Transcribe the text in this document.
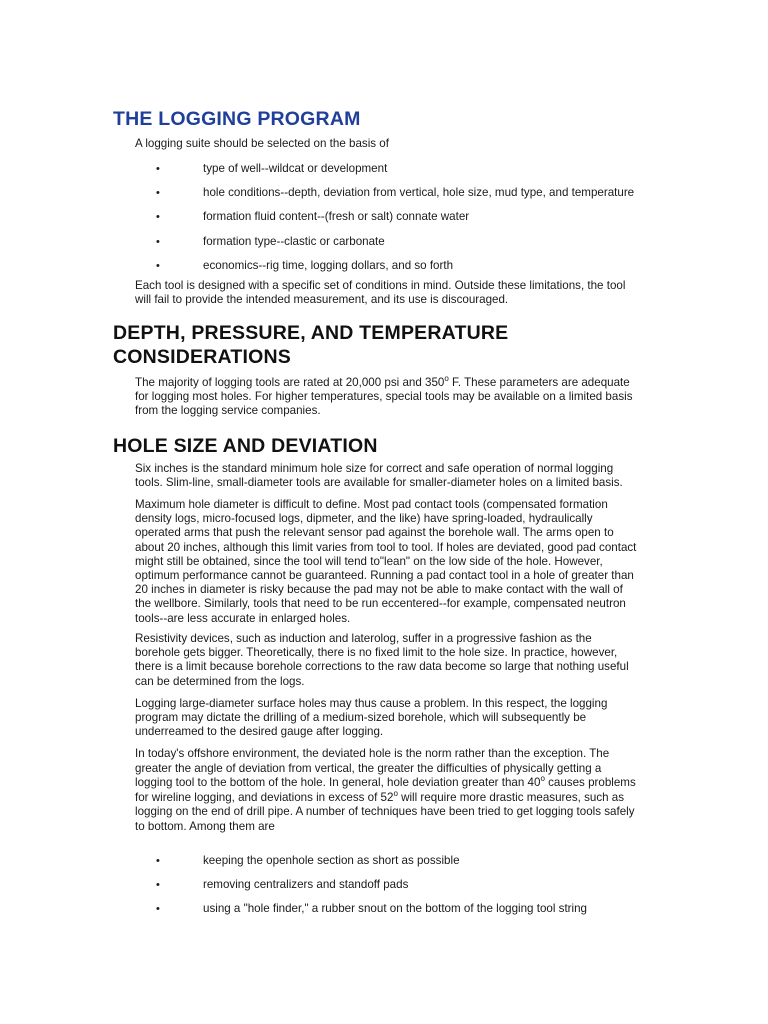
THE LOGGING PROGRAM

A logging suite should be selected on the basis of

•	type of well--wildcat or development
•	hole conditions--depth, deviation from vertical, hole size, mud type, and temperature
•	formation fluid content--(fresh or salt) connate water
•	formation type--clastic or carbonate
•	economics--rig time, logging dollars, and so forth

Each tool is designed with a specific set of conditions in mind. Outside these limitations, the tool
will fail to provide the intended measurement, and its use is discouraged.

DEPTH, PRESSURE, AND TEMPERATURE
CONSIDERATIONS

The majority of logging tools are rated at 20,000 psi and 350$^o$ F. These parameters are adequate
for logging most holes. For higher temperatures, special tools may be available on a limited basis
from the logging service companies.

HOLE SIZE AND DEVIATION

Six inches is the standard minimum hole size for correct and safe operation of normal logging
tools. Slim-line, small-diameter tools are available for smaller-diameter holes on a limited basis.

Maximum hole diameter is difficult to define. Most pad contact tools (compensated formation
density logs, micro-focused logs, dipmeter, and the like) have spring-loaded, hydraulically
operated arms that push the relevant sensor pad against the borehole wall. The arms open to
about 20 inches, although this limit varies from tool to tool. If holes are deviated, good pad contact
might still be obtained, since the tool will tend to"lean" on the low side of the hole. However,
optimum performance cannot be guaranteed. Running a pad contact tool in a hole of greater than
20 inches in diameter is risky because the pad may not be able to make contact with the wall of
the wellbore. Similarly, tools that need to be run eccentered--for example, compensated neutron
tools--are less accurate in enlarged holes.

Resistivity devices, such as induction and laterolog, suffer in a progressive fashion as the
borehole gets bigger. Theoretically, there is no fixed limit to the hole size. In practice, however,
there is a limit because borehole corrections to the raw data become so large that nothing useful
can be determined from the logs.

Logging large-diameter surface holes may thus cause a problem. In this respect, the logging
program may dictate the drilling of a medium-sized borehole, which will subsequently be
underreamed to the desired gauge after logging.

In today's offshore environment, the deviated hole is the norm rather than the exception. The
greater the angle of deviation from vertical, the greater the difficulties of physically getting a
logging tool to the bottom of the hole. In general, hole deviation greater than 40$^o$ causes problems
for wireline logging, and deviations in excess of 52$^o$ will require more drastic measures, such as
logging on the end of drill pipe. A number of techniques have been tried to get logging tools safely
to bottom. Among them are

•	keeping the openhole section as short as possible
•	removing centralizers and standoff pads
•	using a "hole finder," a rubber snout on the bottom of the logging tool string
